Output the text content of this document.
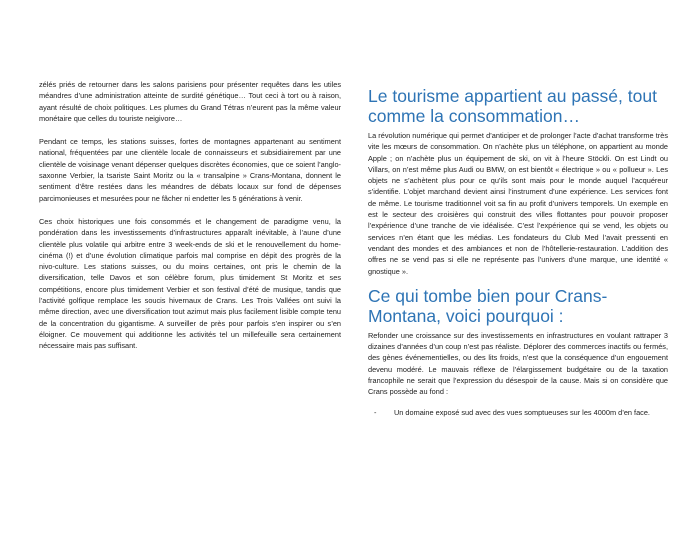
zélés priés de retourner dans les salons parisiens pour présenter requêtes dans les utiles méandres d’une administration atteinte de surdité génétique… Tout ceci à tort ou à raison, ayant résulté de choix politiques. Les plumes du Grand Tétras n’eurent pas la même valeur monétaire que celles du touriste neigivore…

Pendant ce temps, les stations suisses, fortes de montagnes appartenant au sentiment national, fréquentées par une clientèle locale de connaisseurs et subsidiairement par une clientèle de voisinage venant dépenser quelques discrètes économies, que ce soient l’anglo-saxonne Verbier, la tsariste Saint Moritz ou la « transalpine » Crans-Montana, donnent le sentiment d’être restées dans les méandres de débats locaux sur fond de dépenses parcimonieuses et mesurées pour ne fâcher ni endetter les 5 générations à venir.

Ces choix historiques une fois consommés et le changement de paradigme venu, la pondération dans les investissements d’infrastructures apparaît inévitable, à l’aune d’une clientèle plus volatile qui arbitre entre 3 week-ends de ski et le renouvellement du home-cinéma (!) et d’une évolution climatique parfois mal comprise en dépit des progrès de la nivo-culture. Les stations suisses, ou du moins certaines, ont pris le chemin de la diversification, telle Davos et son célèbre forum, plus timidement St Moritz et ses compétitions, encore plus timidement Verbier et son festival d’été de musique, tandis que l’activité golfique remplace les soucis hivernaux de Crans. Les Trois Vallées ont suivi la même direction, avec une diversification tout azimut mais plus facilement lisible compte tenu de la concentration du gigantisme. A surveiller de près pour parfois s’en inspirer ou s’en éloigner. Ce mouvement qui additionne les activités tel un millefeuille sera certainement nécessaire mais pas suffisant.

Le tourisme appartient au passé, tout comme la consommation…

La révolution numérique qui permet d’anticiper et de prolonger l’acte d’achat transforme très vite les mœurs de consommation. On n’achète plus un téléphone, on appartient au monde Apple ; on n’achète plus un équipement de ski, on vit à l’heure Stöckli. On est Lindt ou Villars, on n’est même plus Audi ou BMW, on est bientôt « électrique » ou « pollueur ». Les objets ne s’achètent plus pour ce qu’ils sont mais pour le monde auquel l’acquéreur s’identifie. L’objet marchand devient ainsi l’instrument d’une expérience. Les services font de même. Le tourisme traditionnel voit sa fin au profit d’univers temporels. Un exemple en est le secteur des croisières qui construit des villes flottantes pour pouvoir proposer l’expérience d’une tranche de vie idéalisée. C’est l’expérience qui se vend, les objets ou services n’en étant que les médias. Les fondateurs du Club Med l’avait pressenti en vendant des mondes et des ambiances et non de l’hôtellerie-restauration. L’addition des offres ne se vend pas si elle ne représente pas l’univers d’une marque, une identité « gnostique ».

Ce qui tombe bien pour Crans-Montana, voici pourquoi :

Refonder une croissance sur des investissements en infrastructures en voulant rattraper 3 dizaines d’années d’un coup n’est pas réaliste. Déplorer des commerces inactifs ou fermés, des gènes événementielles, ou des lits froids, n’est que la conséquence d’un engouement devenu modéré. Le mauvais réflexe de l’élargissement budgétaire ou de la taxation francophile ne serait que l’expression du désespoir de la cause. Mais si on considère que Crans possède au fond :

- Un domaine exposé sud avec des vues somptueuses sur les 4000m d’en face.
